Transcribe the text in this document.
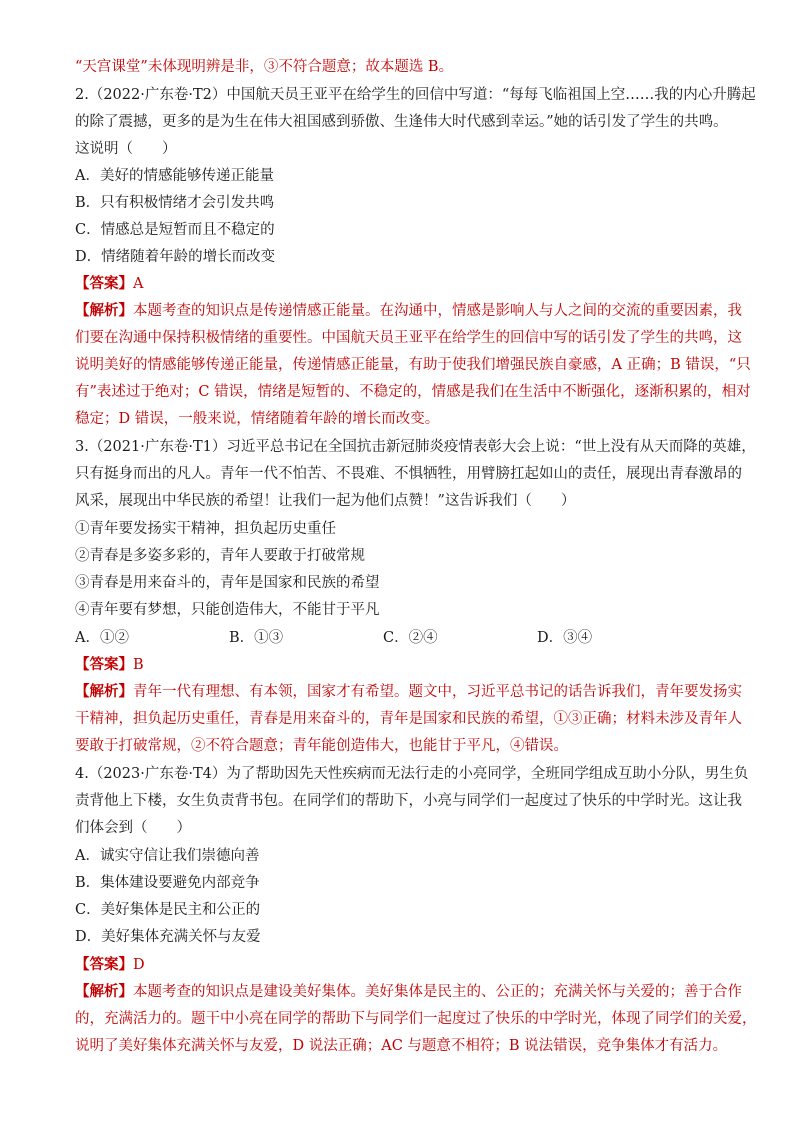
“天宫课堂”未体现明辨是非，③不符合题意；故本题选 B。
2.（2022·广东卷·T2）中国航天员王亚平在给学生的回信中写道：“每每飞临祖国上空……我的内心升腾起
的除了震撼，更多的是为生在伟大祖国感到骄傲、生逢伟大时代感到幸运。”她的话引发了学生的共鸣。
这说明（　　）
A．美好的情感能够传递正能量
B．只有积极情绪才会引发共鸣
C．情感总是短暂而且不稳定的
D．情绪随着年龄的增长而改变
【答案】A
【解析】本题考查的知识点是传递情感正能量。在沟通中，情感是影响人与人之间的交流的重要因素，我
们要在沟通中保持积极情绪的重要性。中国航天员王亚平在给学生的回信中写的话引发了学生的共鸣，这
说明美好的情感能够传递正能量，传递情感正能量，有助于使我们增强民族自豪感，A 正确；B 错误，“只
有”表述过于绝对；C 错误，情绪是短暂的、不稳定的，情感是我们在生活中不断强化，逐渐积累的，相对
稳定；D 错误，一般来说，情绪随着年龄的增长而改变。
3.（2021·广东卷·T1）习近平总书记在全国抗击新冠肺炎疫情表彰大会上说：“世上没有从天而降的英雄，
只有挺身而出的凡人。青年一代不怕苦、不畏难、不惧牺牲，用臂膀扛起如山的责任，展现出青春激昂的
风采，展现出中华民族的希望！让我们一起为他们点赞！”这告诉我们（　　）
①青年要发扬实干精神，担负起历史重任
②青春是多姿多彩的，青年人要敢于打破常规
③青春是用来奋斗的，青年是国家和民族的希望
④青年要有梦想，只能创造伟大，不能甘于平凡
A．①②	B．①③	C．②④	D．③④
【答案】B
【解析】青年一代有理想、有本领，国家才有希望。题文中，习近平总书记的话告诉我们，青年要发扬实
干精神，担负起历史重任，青春是用来奋斗的，青年是国家和民族的希望，①③正确；材料未涉及青年人
要敢于打破常规，②不符合题意；青年能创造伟大，也能甘于平凡，④错误。
4.（2023·广东卷·T4）为了帮助因先天性疾病而无法行走的小亮同学，全班同学组成互助小分队，男生负
责背他上下楼，女生负责背书包。在同学们的帮助下，小亮与同学们一起度过了快乐的中学时光。这让我
们体会到（　　）
A．诚实守信让我们崇德向善
B．集体建设要避免内部竞争
C．美好集体是民主和公正的
D．美好集体充满关怀与友爱
【答案】D
【解析】本题考查的知识点是建设美好集体。美好集体是民主的、公正的；充满关怀与关爱的；善于合作
的，充满活力的。题干中小亮在同学的帮助下与同学们一起度过了快乐的中学时光，体现了同学们的关爱，
说明了美好集体充满关怀与友爱，D 说法正确；AC 与题意不相符；B 说法错误，竞争集体才有活力。
